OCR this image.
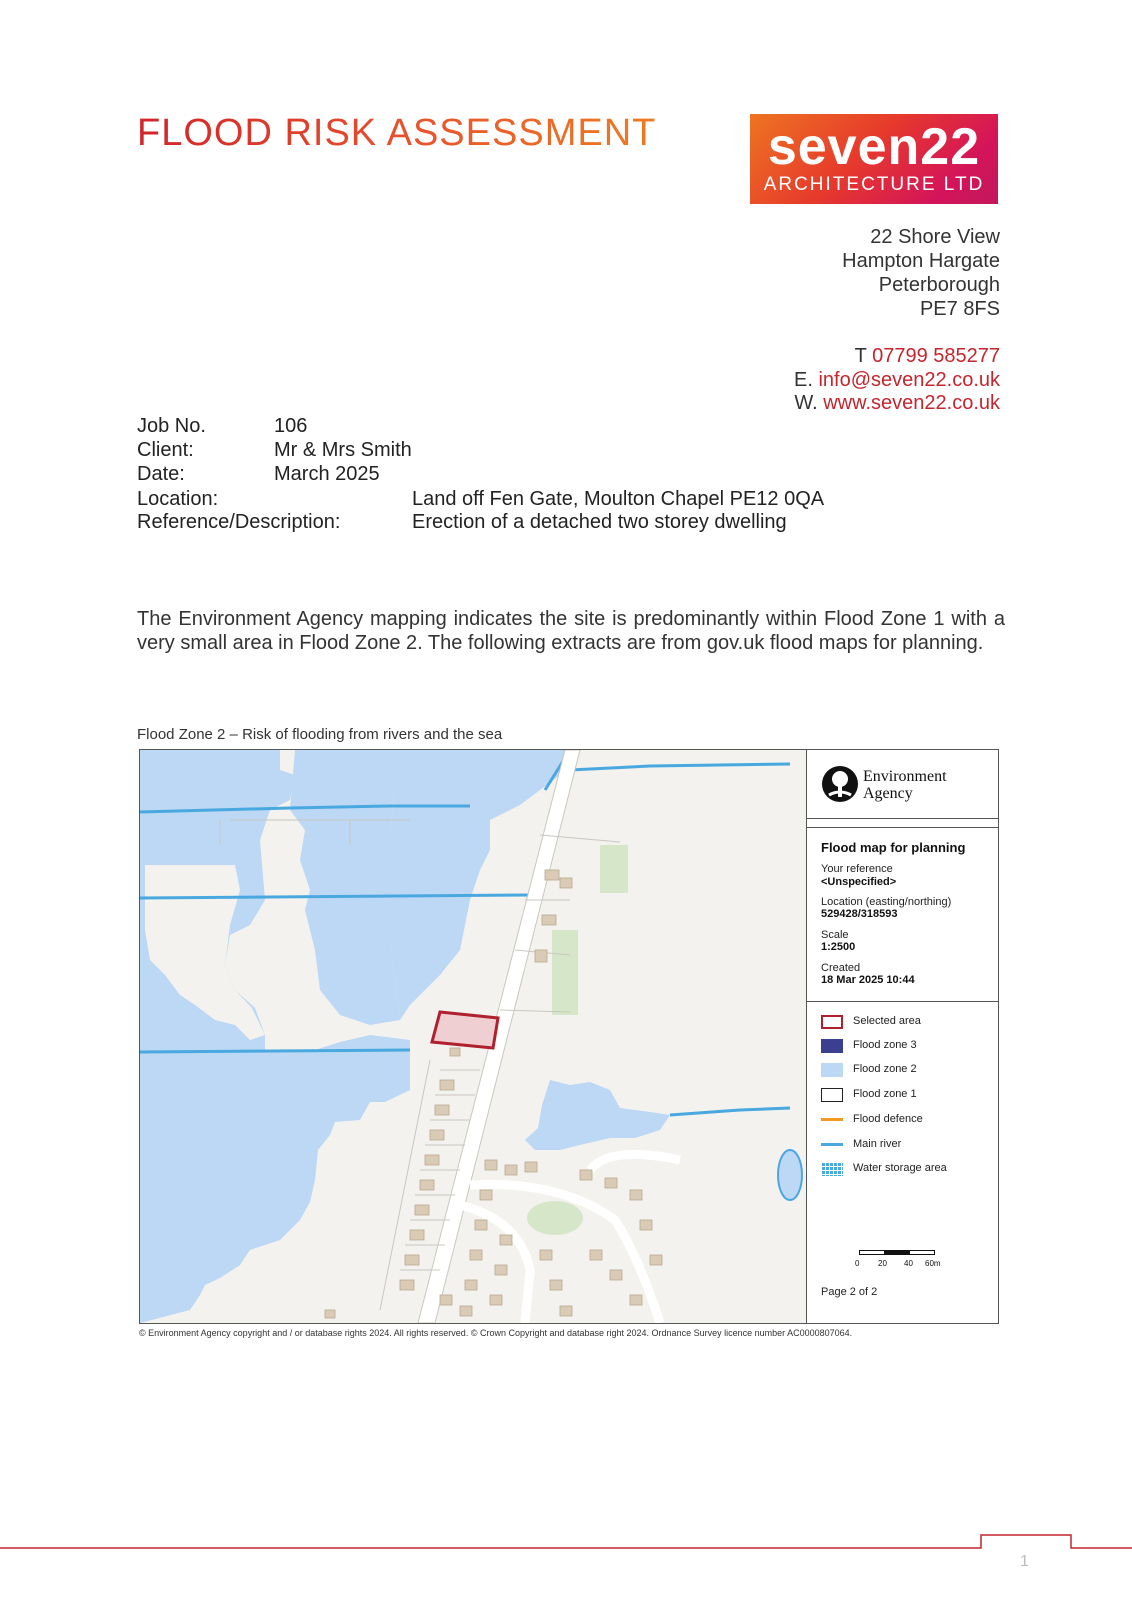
FLOOD RISK ASSESSMENT	seven22
ARCHITECTURE LTD
22 Shore View
Hampton Hargate
Peterborough
PE7 8FS
T 07799 585277
E. info@seven22.co.uk
W. www.seven22.co.uk
Job No.	106
Client:	Mr & Mrs Smith
Date:	March 2025
Location:	Land off Fen Gate, Moulton Chapel PE12 0QA
Reference/Description:	Erection of a detached two storey dwelling
The Environment Agency mapping indicates the site is predominantly within Flood Zone 1 with a very small area in Flood Zone 2. The following extracts are from gov.uk flood maps for planning.
Flood Zone 2 – Risk of flooding from rivers and the sea
Environment
Agency
Flood map for planning
Your reference
<Unspecified>
Location (easting/northing)
529428/318593
Scale
1:2500
Created
18 Mar 2025 10:44
Selected area
Flood zone 3
Flood zone 2
Flood zone 1
Flood defence
Main river
Water storage area
0 20 40 60m
Page 2 of 2
© Environment Agency copyright and / or database rights 2024. All rights reserved. © Crown Copyright and database right 2024. Ordnance Survey licence number AC0000807064.
1
